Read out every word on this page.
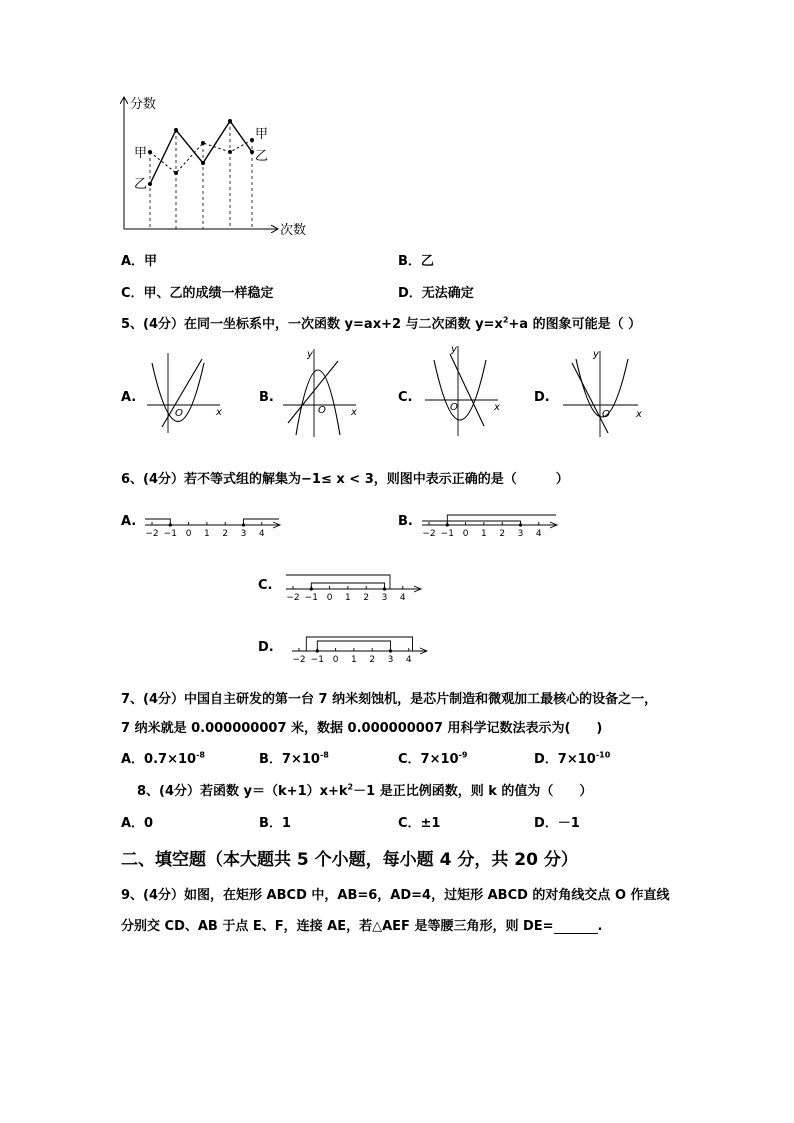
分数
次数
甲
乙
甲
乙
A．甲	B．乙
C．甲、乙的成绩一样稳定	D．无法确定
5、(4分）在同一坐标系中，一次函数 y=ax+2 与二次函数 $y=x^2+a$ 的图象可能是（ ）
A.
O	x
B.
O	x
y
C.
O	x
y
D.
O	x
y
6、(4分）若不等式组的解集为−1≤ x < 3，则图中表示正确的是（　　　）
A.
−2 −1 0 1 2 3 4
B.
−2 −1 0 1 2 3 4
C.
−2 −1 0 1 2 3 4
D.
−2 −1 0 1 2 3 4
7、(4分）中国自主研发的第一台 7 纳米刻蚀机，是芯片制造和微观加工最核心的设备之一，
7 纳米就是 0.000000007 米，数据 0.000000007 用科学记数法表示为(　　)
A．$0.7\times 10^{-8}$	B．$7\times 10^{-8}$	C．$7\times 10^{-9}$	D．$7\times 10^{-10}$
8、(4分）若函数 $y=(k+1)x+k^2-1$ 是正比例函数，则 k 的值为（　　）
A．0	B．1	C．±1	D．－1
二、填空题（本大题共 5 个小题，每小题 4 分，共 20 分）
9、(4分）如图，在矩形 ABCD 中，AB=6，AD=4，过矩形 ABCD 的对角线交点 O 作直线
分别交 CD、AB 于点 E、F，连接 AE，若△AEF 是等腰三角形，则 DE=	.
